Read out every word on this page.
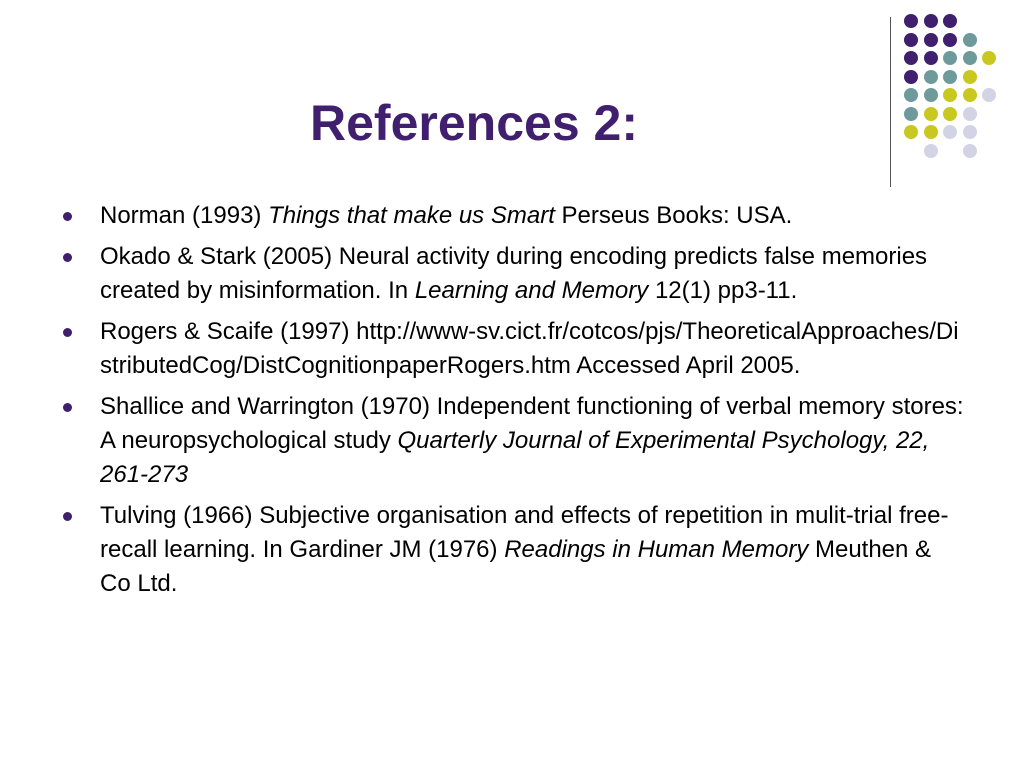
References 2:
Norman (1993) Things that make us Smart Perseus Books: USA.
Okado & Stark (2005) Neural activity during encoding predicts false memories created by misinformation. In Learning and Memory 12(1) pp3-11.
Rogers & Scaife (1997) http://www-sv.cict.fr/cotcos/pjs/TheoreticalApproaches/DistributedCog/DistCognitionpaperRogers.htm Accessed April 2005.
Shallice and Warrington (1970) Independent functioning of verbal memory stores: A neuropsychological study Quarterly Journal of Experimental Psychology, 22, 261-273
Tulving (1966) Subjective organisation and effects of repetition in mulit-trial free-recall learning. In Gardiner JM (1976) Readings in Human Memory Meuthen & Co Ltd.
